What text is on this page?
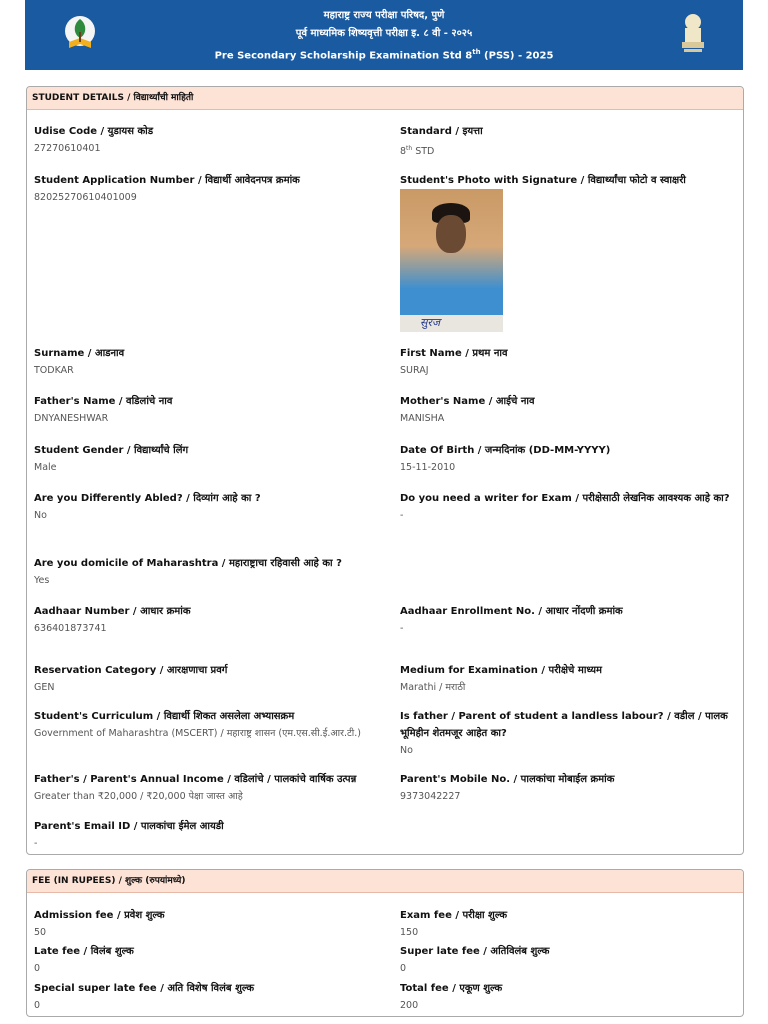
महाराष्ट्र राज्य परीक्षा परिषद, पुणे
पूर्व माध्यमिक शिष्यवृत्ती परीक्षा इ. ८ वी - २०२५
Pre Secondary Scholarship Examination Std 8th (PSS) - 2025
STUDENT DETAILS / विद्यार्थ्यांची माहिती
Udise Code / युडायस कोड
27270610401
Standard / इयत्ता
8th STD
Student Application Number / विद्यार्थी आवेदनपत्र क्रमांक
82025270610401009
Student's Photo with Signature / विद्यार्थ्यांचा फोटो व स्वाक्षरी
सुरज
Surname / आडनाव
TODKAR
First Name / प्रथम नाव
SURAJ
Father's Name / वडिलांचे नाव
DNYANESHWAR
Mother's Name / आईचे नाव
MANISHA
Student Gender / विद्यार्थ्यांचे लिंग
Male
Date Of Birth / जन्मदिनांक (DD-MM-YYYY)
15-11-2010
Are you Differently Abled? / दिव्यांग आहे का ?
No
Do you need a writer for Exam / परीक्षेसाठी लेखनिक आवश्यक आहे का?
-
Are you domicile of Maharashtra / महाराष्ट्राचा रहिवासी आहे का ?
Yes
Aadhaar Number / आधार क्रमांक
636401873741
Aadhaar Enrollment No. / आधार नोंदणी क्रमांक
-
Reservation Category / आरक्षणाचा प्रवर्ग
GEN
Medium for Examination / परीक्षेचे माध्यम
Marathi / मराठी
Student's Curriculum / विद्यार्थी शिकत असलेला अभ्यासक्रम
Government of Maharashtra (MSCERT) / महाराष्ट्र शासन (एम.एस.सी.ई.आर.टी.)
Is father / Parent of student a landless labour? / वडील / पालक भूमिहीन शेतमजूर आहेत का?
No
Father's / Parent's Annual Income / वडिलांचे / पालकांचे वार्षिक उत्पन्न
Greater than ₹20,000 / ₹20,000 पेक्षा जास्त आहे
Parent's Mobile No. / पालकांचा मोबाईल क्रमांक
9373042227
Parent's Email ID / पालकांचा ईमेल आयडी
-
FEE (IN RUPEES) / शुल्क (रुपयांमध्ये)
Admission fee / प्रवेश शुल्क
50
Exam fee / परीक्षा शुल्क
150
Late fee / विलंब शुल्क
0
Super late fee / अतिविलंब शुल्क
0
Special super late fee / अति विशेष विलंब शुल्क
0
Total fee / एकूण शुल्क
200
